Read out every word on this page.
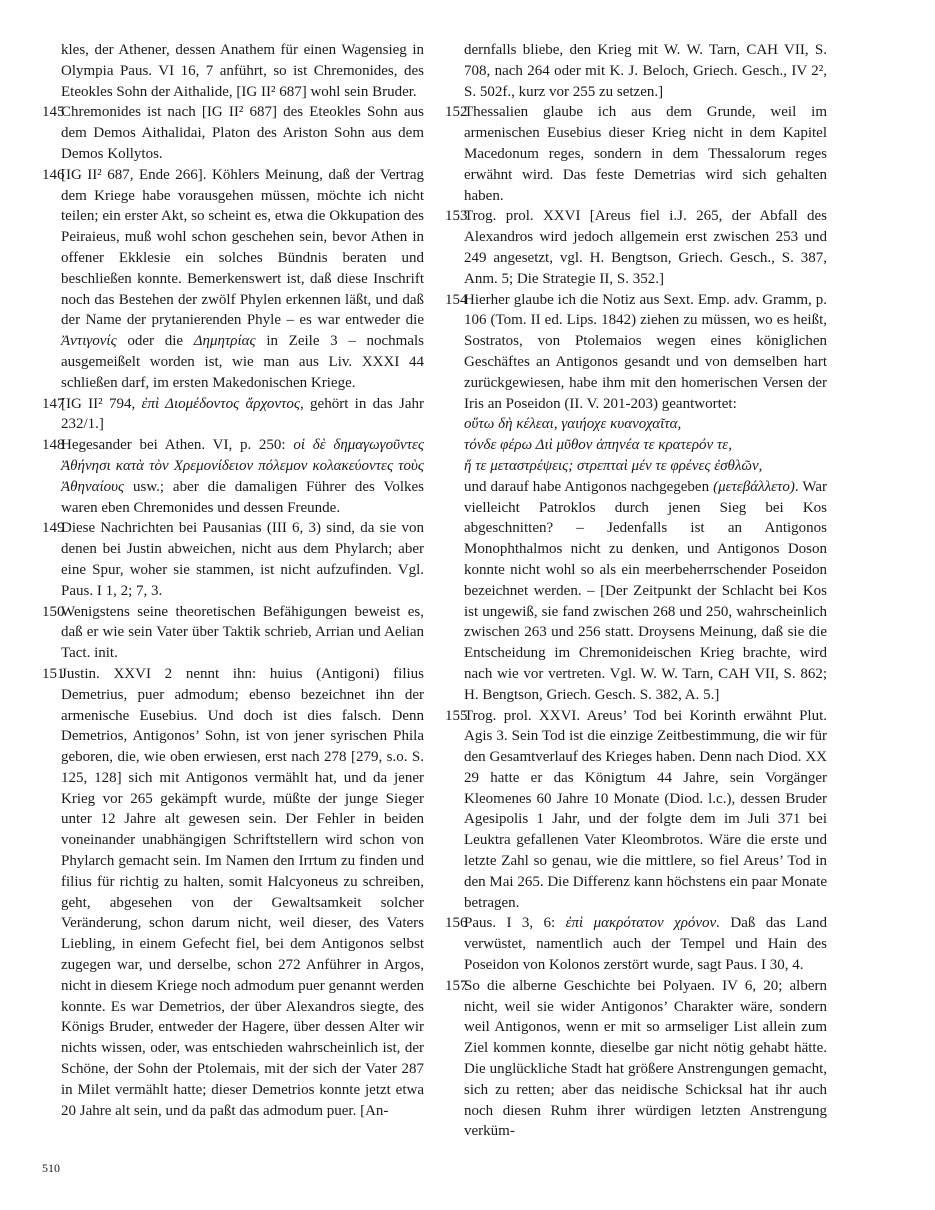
kles, der Athener, dessen Anathem für einen Wagensieg in Olympia Paus. VI 16, 7 anführt, so ist Chremonides, des Eteokles Sohn der Aithalide, [IG II² 687] wohl sein Bruder.

145
Chremonides ist nach [IG II² 687] des Eteokles Sohn aus dem Demos Aithalidai, Platon des Ariston Sohn aus dem Demos Kollytos.
146
[IG II² 687, Ende 266]. Köhlers Meinung, daß der Vertrag dem Kriege habe vorausgehen müssen, möchte ich nicht teilen; ein erster Akt, so scheint es, etwa die Okkupation des Peiraieus, muß wohl schon geschehen sein, bevor Athen in offener Ekklesie ein solches Bündnis beraten und beschließen konnte. Bemerkenswert ist, daß diese Inschrift noch das Bestehen der zwölf Phylen erkennen läßt, und daß der Name der prytanierenden Phyle – es war entweder die Ἀντιγονίς oder die Δημητρίας in Zeile 3 – nochmals ausgemeißelt worden ist, wie man aus Liv. XXXI 44 schließen darf, im ersten Makedonischen Kriege.
147
[IG II² 794, ἐπὶ Διομέδοντος ἄρχοντος, gehört in das Jahr 232/1.]
148
Hegesander bei Athen. VI, p. 250: οἱ δὲ δημαγωγοῦντες Ἀθήνησι κατὰ τὸν Χρεμονίδειον πόλεμον κολακεύοντες τοὺς Ἀθηναίους usw.; aber die damaligen Führer des Volkes waren eben Chremonides und dessen Freunde.
149
Diese Nachrichten bei Pausanias (III 6, 3) sind, da sie von denen bei Justin abweichen, nicht aus dem Phylarch; aber eine Spur, woher sie stammen, ist nicht aufzufinden. Vgl. Paus. I 1, 2; 7, 3.
150
Wenigstens seine theoretischen Befähigungen beweist es, daß er wie sein Vater über Taktik schrieb, Arrian und Aelian Tact. init.
151
Justin. XXVI 2 nennt ihn: huius (Antigoni) filius Demetrius, puer admodum; ebenso bezeichnet ihn der armenische Eusebius. Und doch ist dies falsch. Denn Demetrios, Antigonos’ Sohn, ist von jener syrischen Phila geboren, die, wie oben erwiesen, erst nach 278 [279, s.o. S. 125, 128] sich mit Antigonos vermählt hat, und da jener Krieg vor 265 gekämpft wurde, müßte der junge Sieger unter 12 Jahre alt gewesen sein. Der Fehler in beiden voneinander unabhängigen Schriftstellern wird schon von Phylarch gemacht sein. Im Namen den Irrtum zu finden und filius für richtig zu halten, somit Halcyoneus zu schreiben, geht, abgesehen von der Gewaltsamkeit solcher Veränderung, schon darum nicht, weil dieser, des Vaters Liebling, in einem Gefecht fiel, bei dem Antigonos selbst zugegen war, und derselbe, schon 272 Anführer in Argos, nicht in diesem Kriege noch admodum puer genannt werden konnte. Es war Demetrios, der über Alexandros siegte, des Königs Bruder, entweder der Hagere, über dessen Alter wir nichts wissen, oder, was entschieden wahrscheinlich ist, der Schöne, der Sohn der Ptolemais, mit der sich der Vater 287 in Milet vermählt hatte; dieser Demetrios konnte jetzt etwa 20 Jahre alt sein, und da paßt das admodum puer. [An-

dernfalls bliebe, den Krieg mit W. W. Tarn, CAH VII, S. 708, nach 264 oder mit K. J. Beloch, Griech. Gesch., IV 2², S. 502f., kurz vor 255 zu setzen.]

152
Thessalien glaube ich aus dem Grunde, weil im armenischen Eusebius dieser Krieg nicht in dem Kapitel Macedonum reges, sondern in dem Thessalorum reges erwähnt wird. Das feste Demetrias wird sich gehalten haben.
153
Trog. prol. XXVI [Areus fiel i.J. 265, der Abfall des Alexandros wird jedoch allgemein erst zwischen 253 und 249 angesetzt, vgl. H. Bengtson, Griech. Gesch., S. 387, Anm. 5; Die Strategie II, S. 352.]
154
Hierher glaube ich die Notiz aus Sext. Emp. adv. Gramm, p. 106 (Tom. II ed. Lips. 1842) ziehen zu müssen, wo es heißt, Sostratos, von Ptolemaios wegen eines königlichen Geschäftes an Antigonos gesandt und von demselben hart zurückgewiesen, habe ihm mit den homerischen Versen der Iris an Poseidon (II. V. 201-203) geantwortet:

οὕτω δὴ κέλεαι, γαιήοχε κυανοχαῖτα,

τόνδε φέρω Διὶ μῦθον ἀπηνέα τε κρατερόν τε,

ἤ τε μεταστρέψεις; στρεπταὶ μέν τε φρένες ἐσθλῶν,

und darauf habe Antigonos nachgegeben (μετεβάλλετο). War vielleicht Patroklos durch jenen Sieg bei Kos abgeschnitten? – Jedenfalls ist an Antigonos Monophthalmos nicht zu denken, und Antigonos Doson konnte nicht wohl so als ein meerbeherrschender Poseidon bezeichnet werden. – [Der Zeitpunkt der Schlacht bei Kos ist ungewiß, sie fand zwischen 268 und 250, wahrscheinlich zwischen 263 und 256 statt. Droysens Meinung, daß sie die Entscheidung im Chremonideischen Krieg brachte, wird nach wie vor vertreten. Vgl. W. W. Tarn, CAH VII, S. 862; H. Bengtson, Griech. Gesch. S. 382, A. 5.]

155
Trog. prol. XXVI. Areus’ Tod bei Korinth erwähnt Plut. Agis 3. Sein Tod ist die einzige Zeitbestimmung, die wir für den Gesamtverlauf des Krieges haben. Denn nach Diod. XX 29 hatte er das Königtum 44 Jahre, sein Vorgänger Kleomenes 60 Jahre 10 Monate (Diod. l.c.), dessen Bruder Agesipolis 1 Jahr, und der folgte dem im Juli 371 bei Leuktra gefallenen Vater Kleombrotos. Wäre die erste und letzte Zahl so genau, wie die mittlere, so fiel Areus’ Tod in den Mai 265. Die Differenz kann höchstens ein paar Monate betragen.
156
Paus. I 3, 6: ἐπὶ μακρότατον χρόνον. Daß das Land verwüstet, namentlich auch der Tempel und Hain des Poseidon von Kolonos zerstört wurde, sagt Paus. I 30, 4.
157
So die alberne Geschichte bei Polyaen. IV 6, 20; albern nicht, weil sie wider Antigonos’ Charakter wäre, sondern weil Antigonos, wenn er mit so armseliger List allein zum Ziel kommen konnte, dieselbe gar nicht nötig gehabt hätte. Die unglückliche Stadt hat größere Anstrengungen gemacht, sich zu retten; aber das neidische Schicksal hat ihr auch noch diesen Ruhm ihrer würdigen letzten Anstrengung verküm-
510
